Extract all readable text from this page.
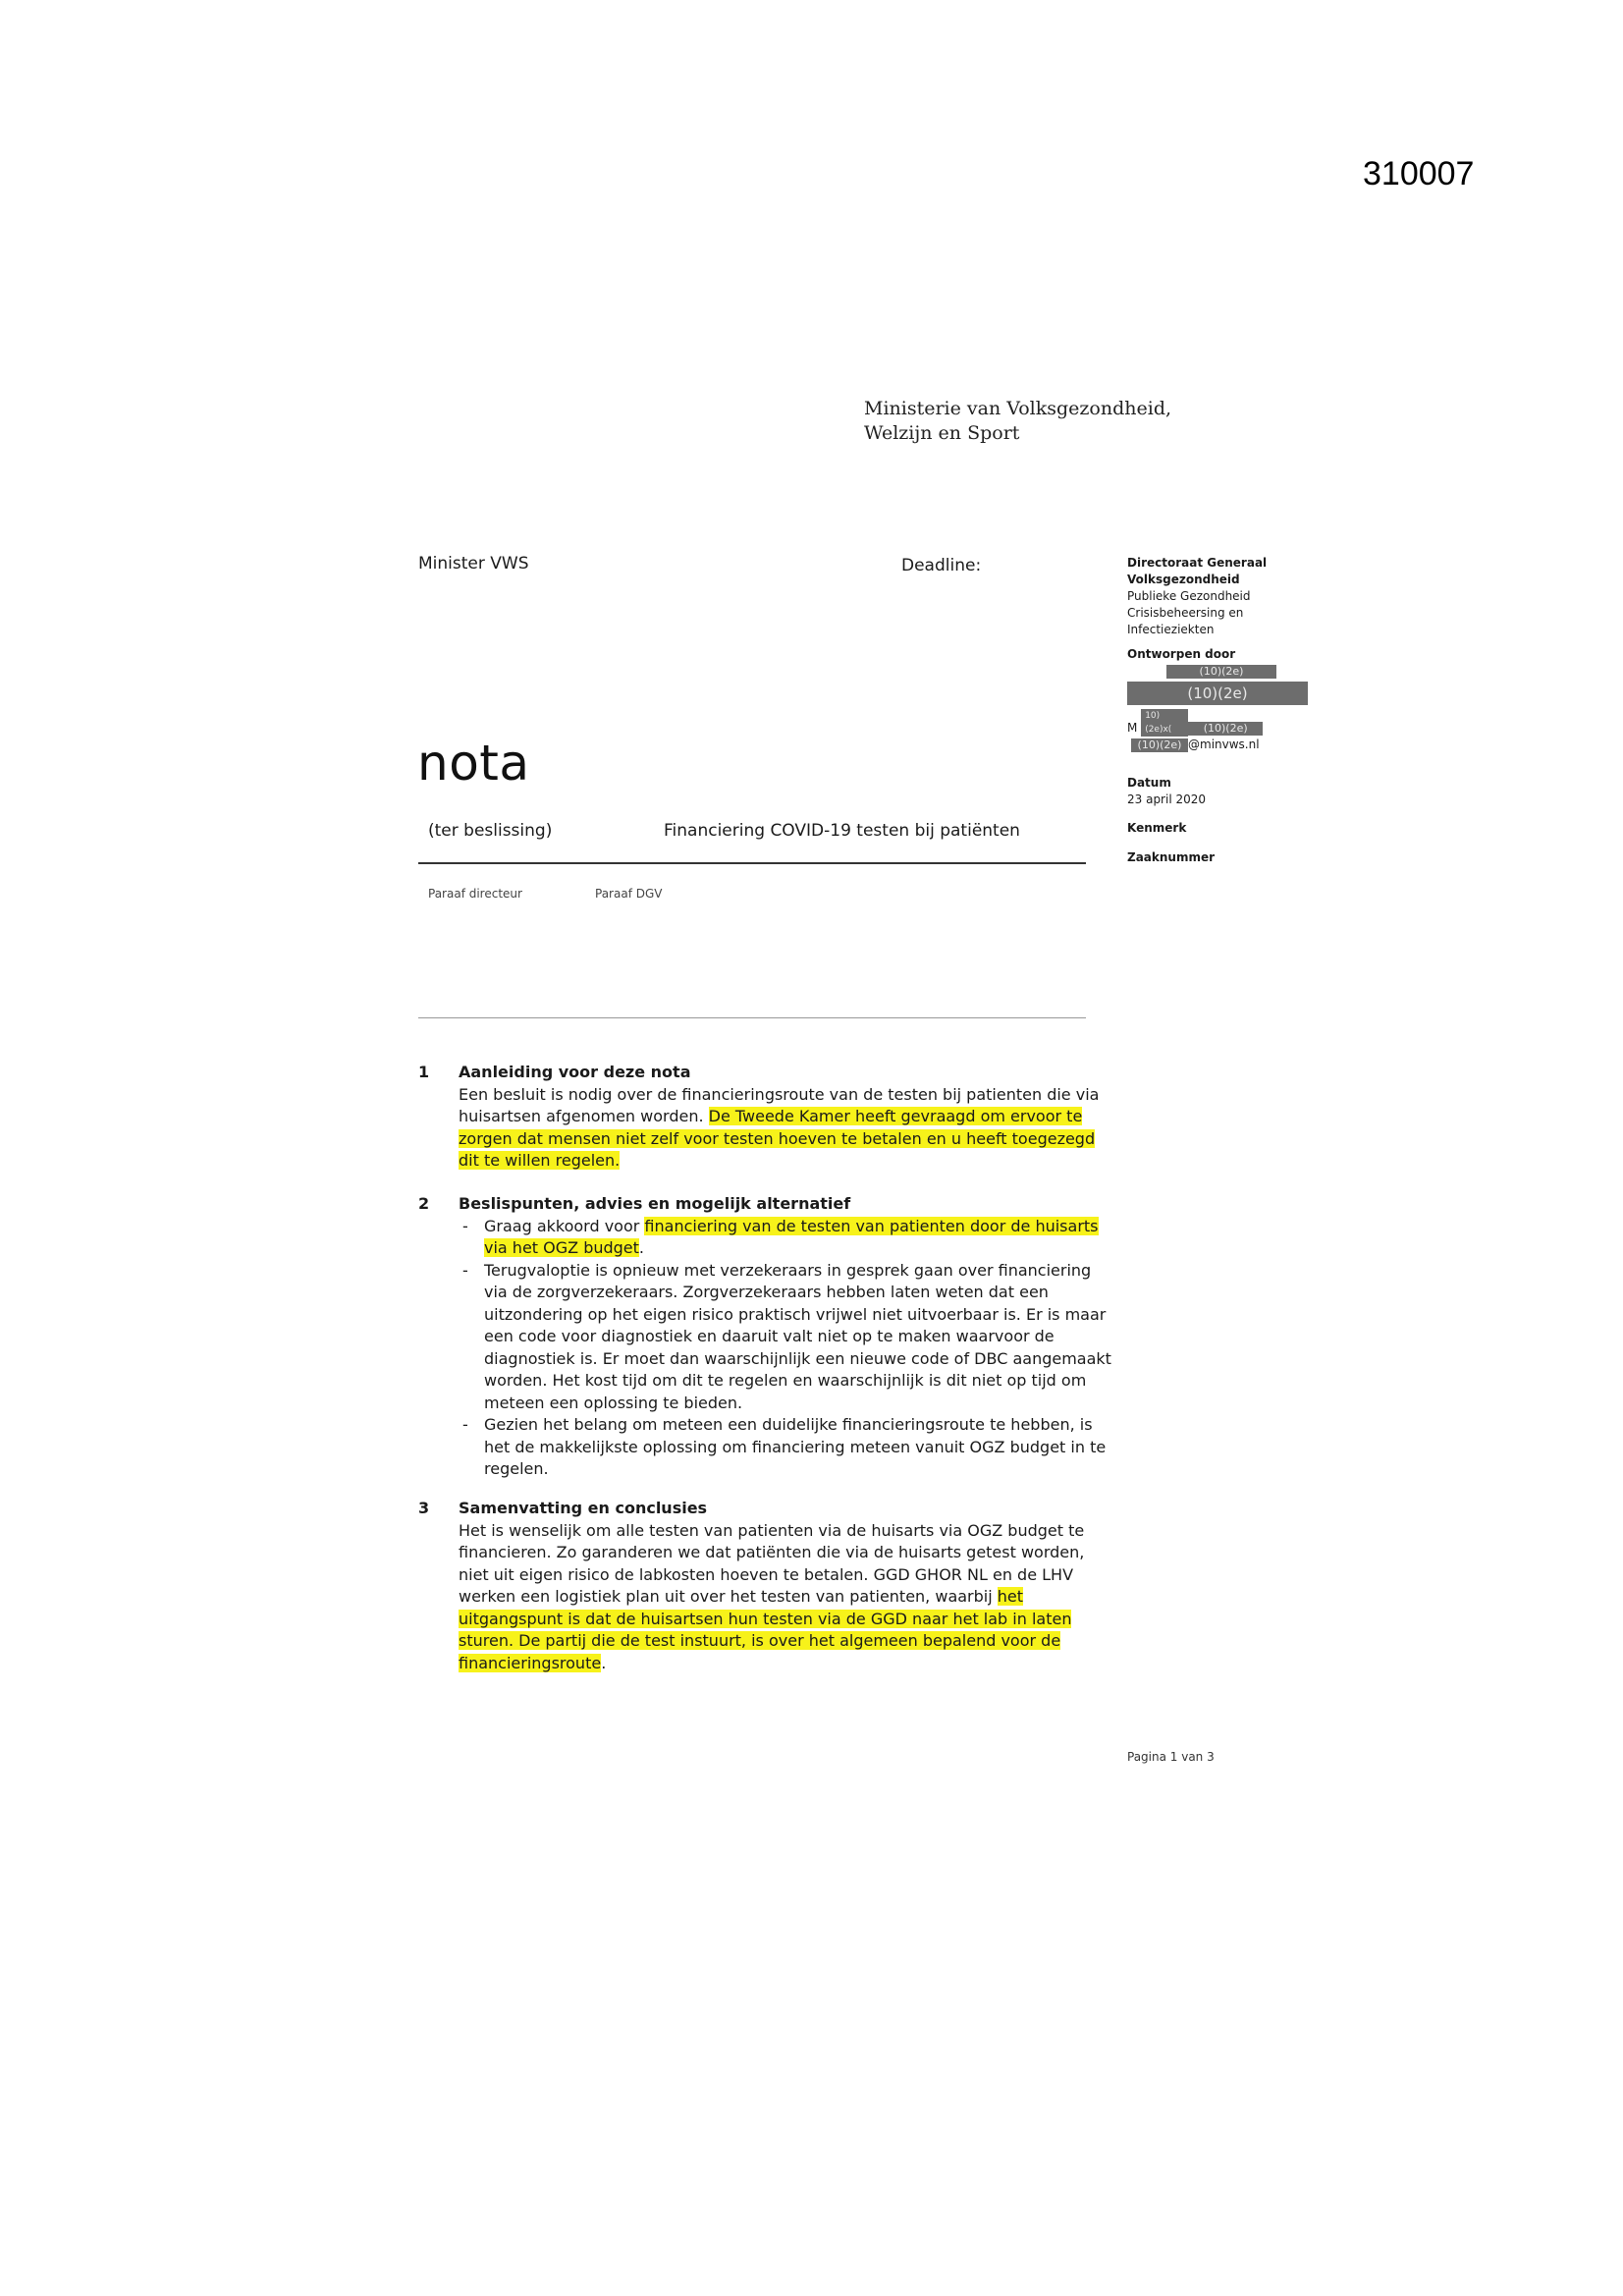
310007
Ministerie van Volksgezondheid,
Welzijn en Sport
Minister VWS	Deadline:	Directoraat Generaal
Volksgezondheid
Publieke Gezondheid
Crisisbeheersing en
Infectieziekten
Ontworpen door
(10)(2e)
(10)(2e)
M 10)(2e)x(	(10)(2e)
(10)(2e) @minvws.nl
Datum
23 april 2020
Kenmerk
Zaaknummer
nota
(ter beslissing)	Financiering COVID-19 testen bij patiënten
Paraaf directeur	Paraaf DGV
1 Aanleiding voor deze nota

Een besluit is nodig over de financieringsroute van de testen bij patienten die via huisartsen afgenomen worden. De Tweede Kamer heeft gevraagd om ervoor te zorgen dat mensen niet zelf voor testen hoeven te betalen en u heeft toegezegd dit te willen regelen.

2 Beslispunten, advies en mogelijk alternatief
- Graag akkoord voor financiering van de testen van patienten door de huisarts via het OGZ budget.
- Terugvaloptie is opnieuw met verzekeraars in gesprek gaan over financiering via de zorgverzekeraars. Zorgverzekeraars hebben laten weten dat een uitzondering op het eigen risico praktisch vrijwel niet uitvoerbaar is. Er is maar een code voor diagnostiek en daaruit valt niet op te maken waarvoor de diagnostiek is. Er moet dan waarschijnlijk een nieuwe code of DBC aangemaakt worden. Het kost tijd om dit te regelen en waarschijnlijk is dit niet op tijd om meteen een oplossing te bieden.
- Gezien het belang om meteen een duidelijke financieringsroute te hebben, is het de makkelijkste oplossing om financiering meteen vanuit OGZ budget in te regelen.
3 Samenvatting en conclusies

Het is wenselijk om alle testen van patienten via de huisarts via OGZ budget te financieren. Zo garanderen we dat patiënten die via de huisarts getest worden, niet uit eigen risico de labkosten hoeven te betalen. GGD GHOR NL en de LHV werken een logistiek plan uit over het testen van patienten, waarbij het uitgangspunt is dat de huisartsen hun testen via de GGD naar het lab in laten sturen. De partij die de test instuurt, is over het algemeen bepalend voor de financieringsroute.

Pagina 1 van 3
